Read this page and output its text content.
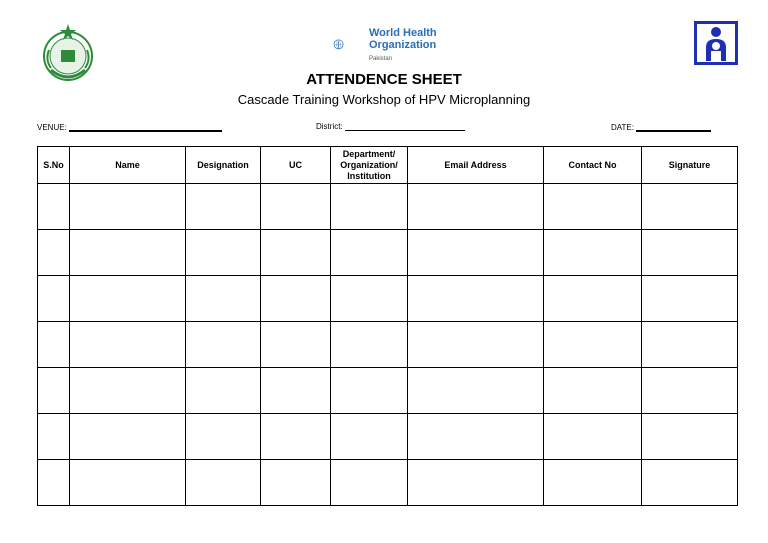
World Health
Organization
Pakistan
ATTENDENCE SHEET
Cascade Training Workshop of HPV Microplanning
VENUE:	District:	DATE:
S.No	Name	Designation	UC	Department/
Organization/
Institution	Email Address	Contact No	Signature
